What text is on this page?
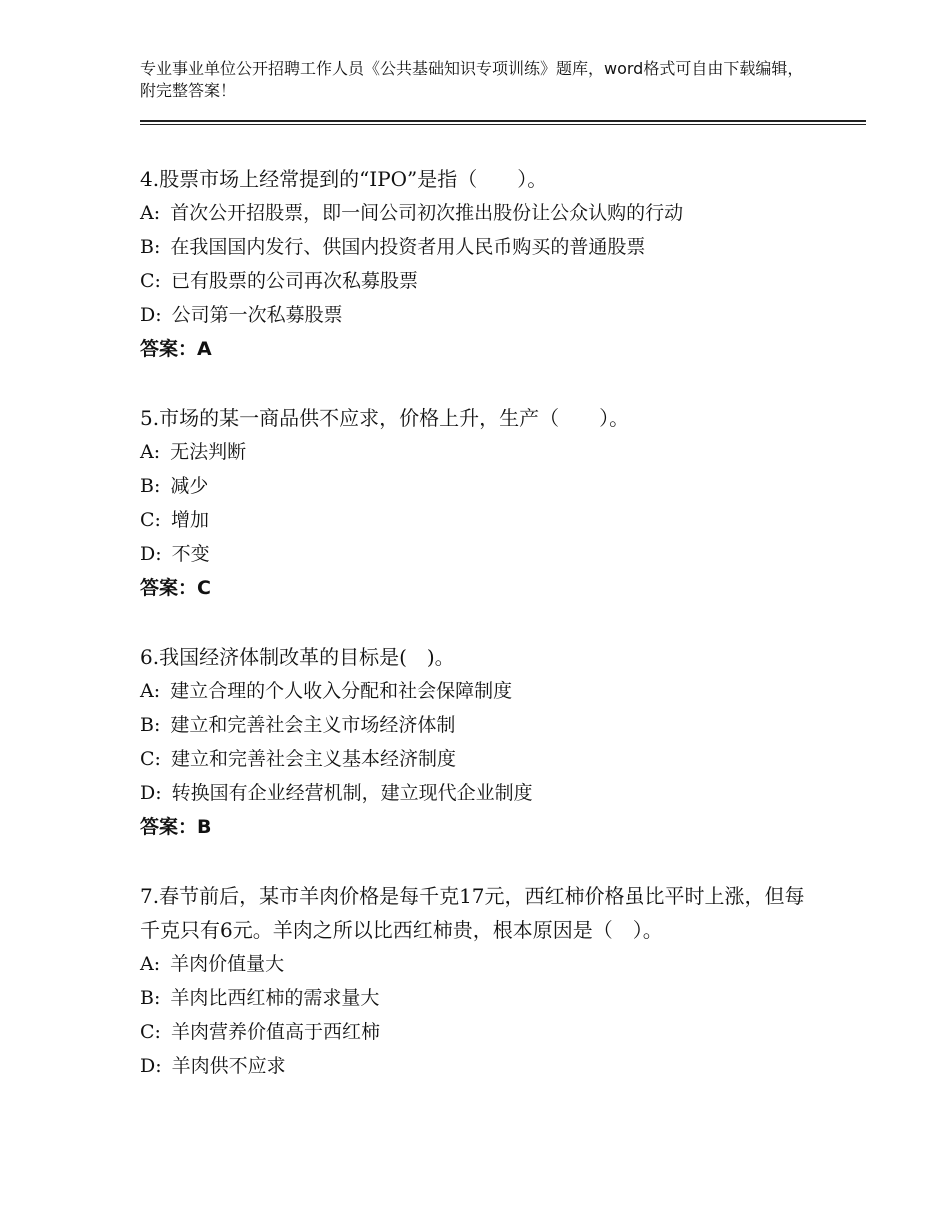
专业事业单位公开招聘工作人员《公共基础知识专项训练》题库，word格式可自由下载编辑，附完整答案！
4.股票市场上经常提到的“IPO”是指（　　）。
A: 首次公开招股票，即一间公司初次推出股份让公众认购的行动
B: 在我国国内发行、供国内投资者用人民币购买的普通股票
C: 已有股票的公司再次私募股票
D: 公司第一次私募股票
答案：A
5.市场的某一商品供不应求，价格上升，生产（　　）。
A: 无法判断
B: 减少
C: 增加
D: 不变
答案：C
6.我国经济体制改革的目标是(　)。
A: 建立合理的个人收入分配和社会保障制度
B: 建立和完善社会主义市场经济体制
C: 建立和完善社会主义基本经济制度
D: 转换国有企业经营机制，建立现代企业制度
答案：B
7.春节前后，某市羊肉价格是每千克17元，西红柿价格虽比平时上涨，但每千克只有6元。羊肉之所以比西红柿贵，根本原因是（　）。
A: 羊肉价值量大
B: 羊肉比西红柿的需求量大
C: 羊肉营养价值高于西红柿
D: 羊肉供不应求
